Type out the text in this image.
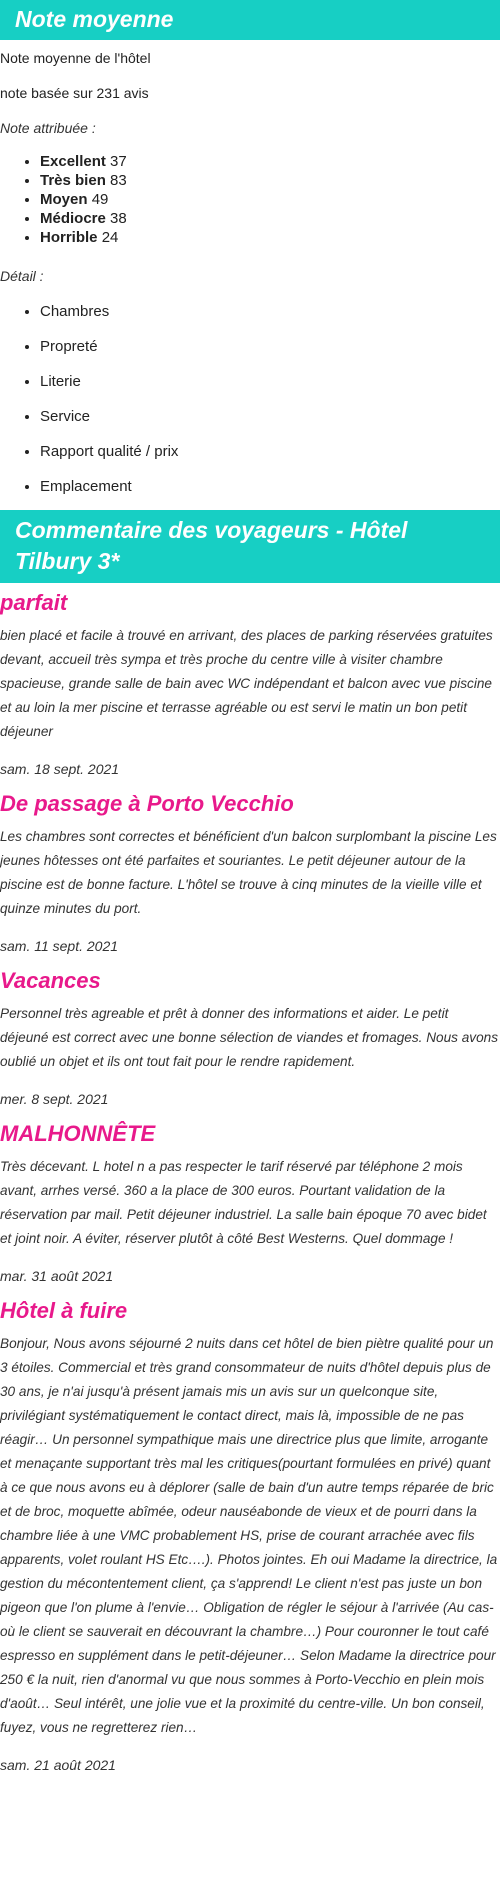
Note moyenne

Note moyenne de l'hôtel

note basée sur 231 avis

Note attribuée :

• Excellent 37
• Très bien 83
• Moyen 49
• Médiocre 38
• Horrible 24

Détail :

• Chambres
• Propreté
• Literie
• Service
• Rapport qualité / prix
• Emplacement
Commentaire des voyageurs - Hôtel Tilbury 3*
parfait

bien placé et facile à trouvé en arrivant, des places de parking réservées gratuites devant, accueil très sympa et très proche du centre ville à visiter chambre spacieuse, grande salle de bain avec WC indépendant et balcon avec vue piscine et au loin la mer piscine et terrasse agréable ou est servi le matin un bon petit déjeuner

sam. 18 sept. 2021

De passage à Porto Vecchio

Les chambres sont correctes et bénéficient d'un balcon surplombant la piscine Les jeunes hôtesses ont été parfaites et souriantes. Le petit déjeuner autour de la piscine est de bonne facture. L'hôtel se trouve à cinq minutes de la vieille ville et quinze minutes du port.

sam. 11 sept. 2021

Vacances

Personnel très agreable et prêt à donner des informations et aider. Le petit déjeuné est correct avec une bonne sélection de viandes et fromages. Nous avons oublié un objet et ils ont tout fait pour le rendre rapidement.

mer. 8 sept. 2021

MALHONNÊTE

Très décevant. L hotel n a pas respecter le tarif réservé par téléphone 2 mois avant, arrhes versé. 360 a la place de 300 euros. Pourtant validation de la réservation par mail. Petit déjeuner industriel. La salle bain époque 70 avec bidet et joint noir. A éviter, réserver plutôt à côté Best Westerns. Quel dommage !

mar. 31 août 2021

Hôtel à fuire

Bonjour, Nous avons séjourné 2 nuits dans cet hôtel de bien piètre qualité pour un 3 étoiles. Commercial et très grand consommateur de nuits d'hôtel depuis plus de 30 ans, je n'ai jusqu'à présent jamais mis un avis sur un quelconque site, privilégiant systématiquement le contact direct, mais là, impossible de ne pas réagir… Un personnel sympathique mais une directrice plus que limite, arrogante et menaçante supportant très mal les critiques(pourtant formulées en privé) quant à ce que nous avons eu à déplorer (salle de bain d'un autre temps réparée de bric et de broc, moquette abîmée, odeur nauséabonde de vieux et de pourri dans la chambre liée à une VMC probablement HS, prise de courant arrachée avec fils apparents, volet roulant HS Etc….). Photos jointes. Eh oui Madame la directrice, la gestion du mécontentement client, ça s'apprend! Le client n'est pas juste un bon pigeon que l'on plume à l'envie… Obligation de régler le séjour à l'arrivée (Au cas-où le client se sauverait en découvrant la chambre…) Pour couronner le tout café espresso en supplément dans le petit-déjeuner… Selon Madame la directrice pour 250 € la nuit, rien d'anormal vu que nous sommes à Porto-Vecchio en plein mois d'août… Seul intérêt, une jolie vue et la proximité du centre-ville. Un bon conseil, fuyez, vous ne regretterez rien…

sam. 21 août 2021
